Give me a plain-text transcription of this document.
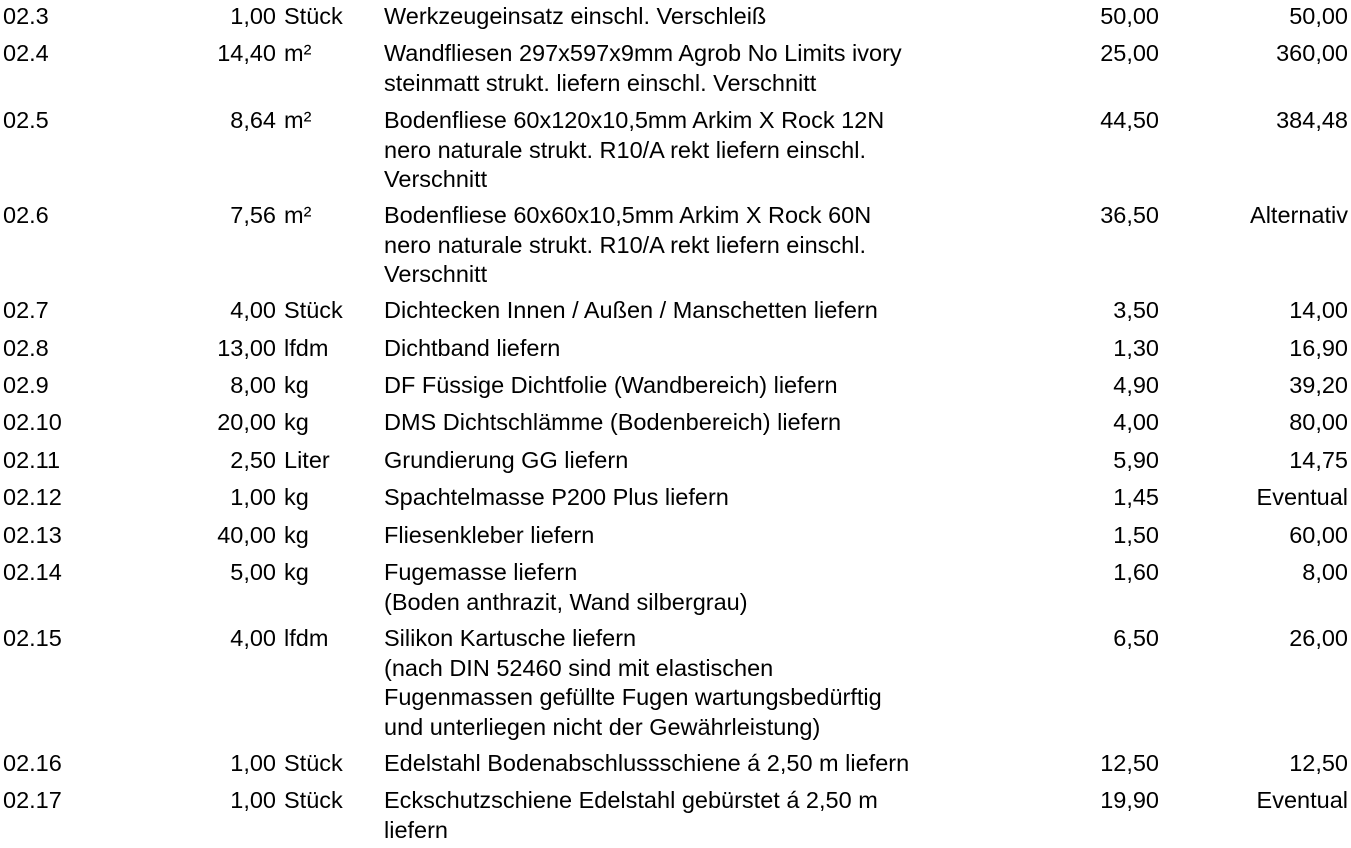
02.3	1,00 Stück Werkzeugeinsatz einschl. Verschleiß	50,00	50,00
02.4	14,40 m²	Wandfliesen 297x597x9mm Agrob No Limits ivory
steinmatt strukt. liefern einschl. Verschnitt
25,00	360,00
02.5	8,64 m²	Bodenfliese 60x120x10,5mm Arkim X Rock 12N
nero naturale strukt. R10/A rekt liefern einschl.
Verschnitt
44,50	384,48
02.6	7,56 m²	Bodenfliese 60x60x10,5mm Arkim X Rock 60N
nero naturale strukt. R10/A rekt liefern einschl.
Verschnitt
36,50	Alternativ
02.7	4,00 Stück Dichtecken Innen / Außen / Manschetten liefern	3,50	14,00
02.8	13,00 lfdm Dichtband liefern	1,30	16,90
02.9	8,00 kg	DF Füssige Dichtfolie (Wandbereich) liefern	4,90	39,20
02.10	20,00 kg	DMS Dichtschlämme (Bodenbereich) liefern	4,00	80,00
02.11	2,50 Liter Grundierung GG liefern	5,90	14,75
02.12	1,00 kg	Spachtelmasse P200 Plus liefern	1,45	Eventual
02.13	40,00 kg	Fliesenkleber liefern	1,50	60,00
02.14	5,00 kg	Fugemasse liefern
(Boden anthrazit, Wand silbergrau)
1,60	8,00
02.15	4,00 lfdm Silikon Kartusche liefern
(nach DIN 52460 sind mit elastischen
Fugenmassen gefüllte Fugen wartungsbedürftig
und unterliegen nicht der Gewährleistung)
6,50	26,00
02.16	1,00 Stück Edelstahl Bodenabschlussschiene á 2,50 m liefern	12,50	12,50
02.17	1,00 Stück Eckschutzschiene Edelstahl gebürstet á 2,50 m
liefern
19,90	Eventual
